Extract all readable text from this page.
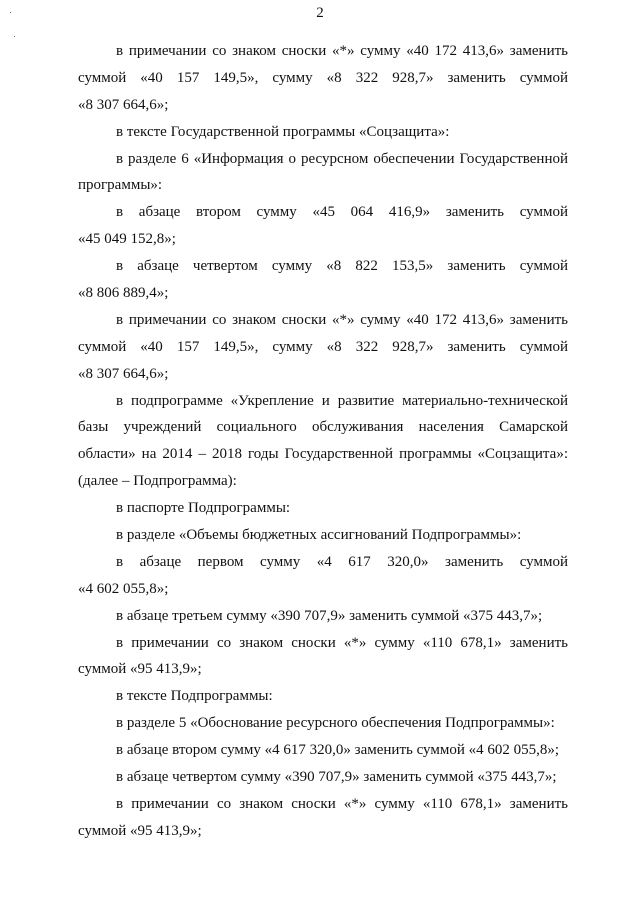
2
в примечании со знаком сноски «*» сумму «40 172 413,6» заменить
суммой «40 157 149,5», сумму «8 322 928,7» заменить суммой
«8 307 664,6»;
в тексте Государственной программы «Соцзащита»:
в разделе 6 «Информация о ресурсном обеспечении Государственной
программы»:
в абзаце втором сумму «45 064 416,9» заменить суммой
«45 049 152,8»;
в абзаце четвертом сумму «8 822 153,5» заменить суммой
«8 806 889,4»;
в примечании со знаком сноски «*» сумму «40 172 413,6» заменить
суммой «40 157 149,5», сумму «8 322 928,7» заменить суммой
«8 307 664,6»;
в подпрограмме «Укрепление и развитие материально-технической
базы учреждений социального обслуживания населения Самарской
области» на 2014 – 2018 годы Государственной программы «Соцзащита»:
(далее – Подпрограмма):
в паспорте Подпрограммы:
в разделе «Объемы бюджетных ассигнований Подпрограммы»:
в абзаце первом сумму «4 617 320,0» заменить суммой
«4 602 055,8»;
в абзаце третьем сумму «390 707,9» заменить суммой «375 443,7»;
в примечании со знаком сноски «*» сумму «110 678,1» заменить
суммой «95 413,9»;
в тексте Подпрограммы:
в разделе 5 «Обоснование ресурсного обеспечения Подпрограммы»:
в абзаце втором сумму «4 617 320,0» заменить суммой «4 602 055,8»;
в абзаце четвертом сумму «390 707,9» заменить суммой «375 443,7»;
в примечании со знаком сноски «*» сумму «110 678,1» заменить
суммой «95 413,9»;
